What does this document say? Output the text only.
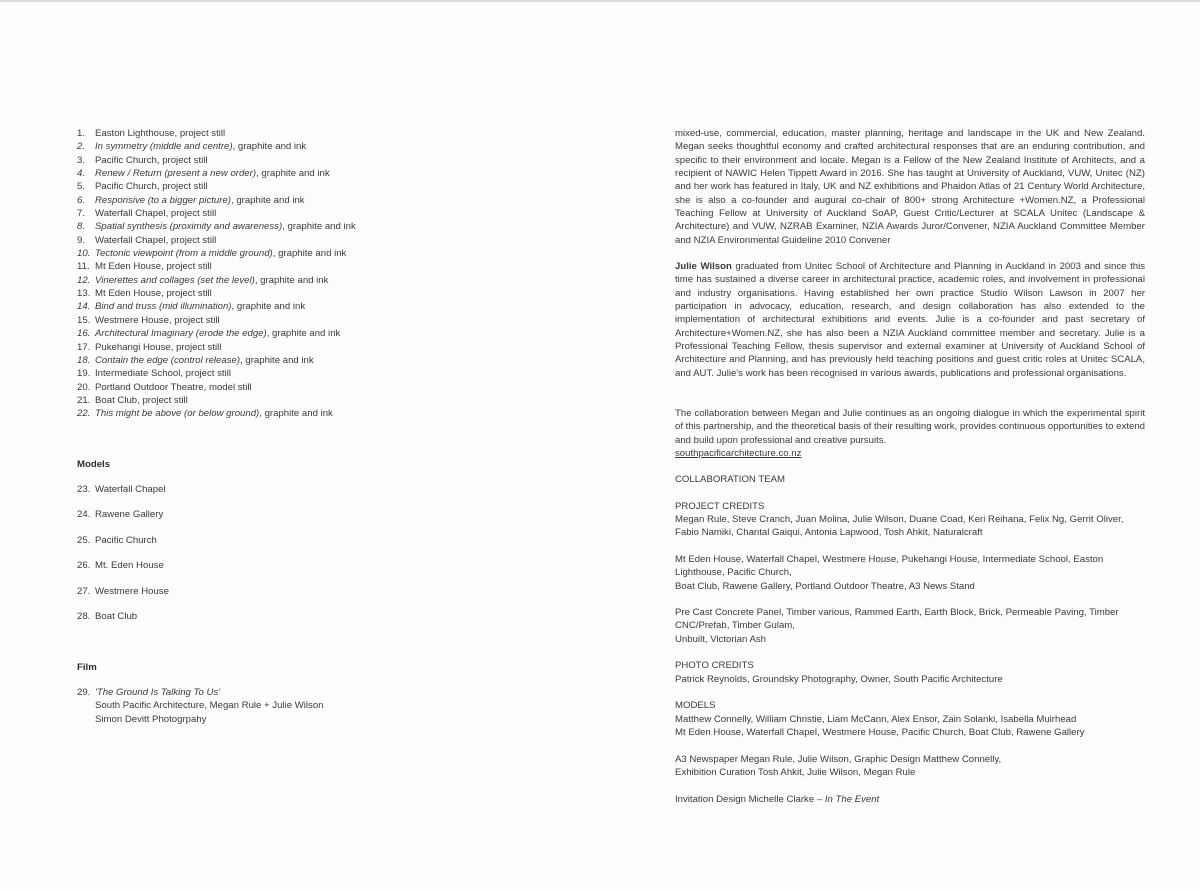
1. Easton Lighthouse, project still
2. In symmetry (middle and centre), graphite and ink
3. Pacific Church, project still
4. Renew / Return (present a new order), graphite and ink
5. Pacific Church, project still
6. Responsive (to a bigger picture), graphite and ink
7. Waterfall Chapel, project still
8. Spatial synthesis (proximity and awareness), graphite and ink
9. Waterfall Chapel, project still
10. Tectonic viewpoint (from a middle ground), graphite and ink
11. Mt Eden House, project still
12. Vinerettes and collages (set the level), graphite and ink
13. Mt Eden House, project still
14. Bind and truss (mid illumination), graphite and ink
15. Westmere House, project still
16. Architectural Imaginary (erode the edge), graphite and ink
17. Pukehangi House, project still
18. Contain the edge (control release), graphite and ink
19. Intermediate School, project still
20. Portland Outdoor Theatre, model still
21. Boat Club, project still
22. This might be above (or below ground), graphite and ink
Models
23. Waterfall Chapel
24. Rawene Gallery
25. Pacific Church
26. Mt. Eden House
27. Westmere House
28. Boat Club
Film
29. 'The Ground Is Talking To Us'
South Pacific Architecture, Megan Rule + Julie Wilson
Simon Devitt Photogrpahy

mixed-use, commercial, education, master planning, heritage and landscape in the UK and New Zealand. Megan seeks thoughtful economy and crafted architectural responses that are an enduring contribution, and specific to their environment and locale. Megan is a Fellow of the New Zealand Institute of Architects, and a recipient of NAWIC Helen Tippett Award in 2016. She has taught at University of Auckland, VUW, Unitec (NZ) and her work has featured in Italy, UK and NZ exhibitions and Phaidon Atlas of 21 Century World Architecture, she is also a co-founder and augural co-chair of 800+ strong Architecture +Women.NZ, a Professional Teaching Fellow at University of Auckland SoAP, Guest Critic/Lecturer at SCALA Unitec (Landscape & Architecture) and VUW, NZRAB Examiner, NZIA Awards Juror/Convener, NZIA Auckland Committee Member and NZIA Environmental Guideline 2010 Convener

Julie Wilson graduated from Unitec School of Architecture and Planning in Auckland in 2003 and since this time has sustained a diverse career in architectural practice, academic roles, and involvement in professional and industry organisations. Having established her own practice Studio Wilson Lawson in 2007 her participation in advocacy, education, research, and design collaboration has also extended to the implementation of architectural exhibitions and events. Julie is a co-founder and past secretary of Architecture+Women.NZ, she has also been a NZIA Auckland committee member and secretary. Julie is a Professional Teaching Fellow, thesis supervisor and external examiner at University of Auckland School of Architecture and Planning, and has previously held teaching positions and guest critic roles at Unitec SCALA, and AUT. Julie's work has been recognised in various awards, publications and professional organisations.

The collaboration between Megan and Julie continues as an ongoing dialogue in which the experimental spirit of this partnership, and the theoretical basis of their resulting work, provides continuous opportunities to extend and build upon professional and creative pursuits.
southpacificarchitecture.co.nz

COLLABORATION TEAM
PROJECT CREDITS
Megan Rule, Steve Cranch, Juan Molina, Julie Wilson, Duane Coad, Keri Reihana, Felix Ng, Gerrit Oliver, Fabio Namiki, Chantal Gaiqui, Antonia Lapwood, Tosh Ahkit, Naturalcraft
Mt Eden House, Waterfall Chapel, Westmere House, Pukehangi House, Intermediate School, Easton Lighthouse, Pacific Church,
Boat Club, Rawene Gallery, Portland Outdoor Theatre, A3 News Stand
Pre Cast Concrete Panel, Timber various, Rammed Earth, Earth Block, Brick, Permeable Paving, Timber CNC/Prefab, Timber Gulam,
Unbuilt, Victorian Ash
PHOTO CREDITS
Patrick Reynolds, Groundsky Photography, Owner, South Pacific Architecture
MODELS
Matthew Connelly, William Christie, Liam McCann, Alex Ensor, Zain Solanki, Isabella Muirhead
Mt Eden House, Waterfall Chapel, Westmere House, Pacific Church, Boat Club, Rawene Gallery
A3 Newspaper Megan Rule, Julie Wilson, Graphic Design Matthew Connelly,
Exhibition Curation Tosh Ahkit, Julie Wilson, Megan Rule
Invitation Design Michelle Clarke – In The Event
